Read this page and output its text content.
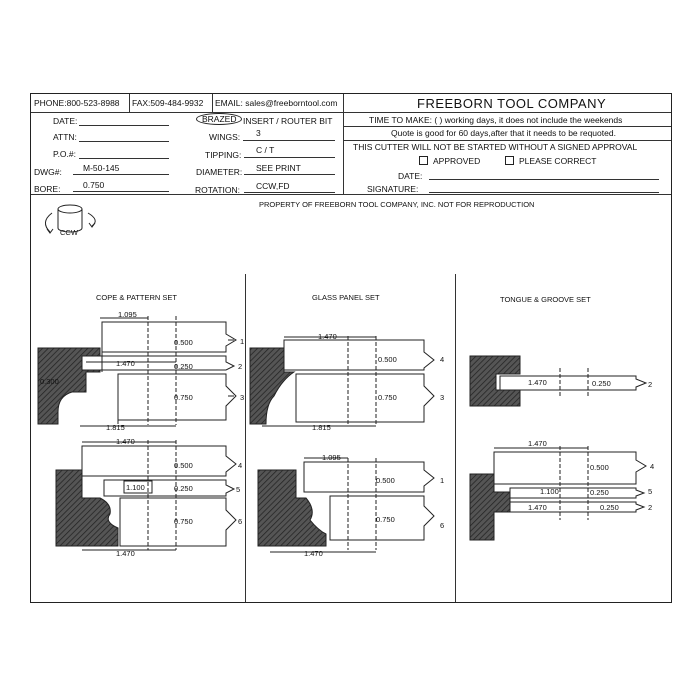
PHONE:800-523-8988 FAX:509-484-9932 EMAIL: sales@freeborntool.com	FREEBORN TOOL COMPANY
DATE:
ATTN:
P.O.#:
DWG#: M-50-145
BORE:	0.750
BRAZED INSERT / ROUTER BIT
WINGS: 3
TIPPING: C / T
DIAMETER: SEE PRINT
ROTATION: CCW,FD
TIME TO MAKE: ( ) working days, it does not include the weekends
Quote is good for 60 days,after that it needs to be requoted.
THIS CUTTER WILL NOT BE STARTED WITHOUT A SIGNED APPROVAL
APPROVED	PLEASE CORRECT
DATE:
SIGNATURE:
PROPERTY OF FREEBORN TOOL COMPANY, INC. NOT FOR REPRODUCTION
COPE & PATTERN SET	GLASS PANEL SET	TONGUE & GROOVE SET
CCW
1.095
1.470
1.815
0.300
0.500
0.250
0.750
1
2
3
1.470
1.100
1.470
0.500
0.250
0.750
4
5
6
1.470
1.815
0.500
0.750
4
3
1.095
1.470
0.500
0.750
1
6
1.470	0.250	2
1.470
1.100
1.470
0.500
0.250
0.250
4
5
2
